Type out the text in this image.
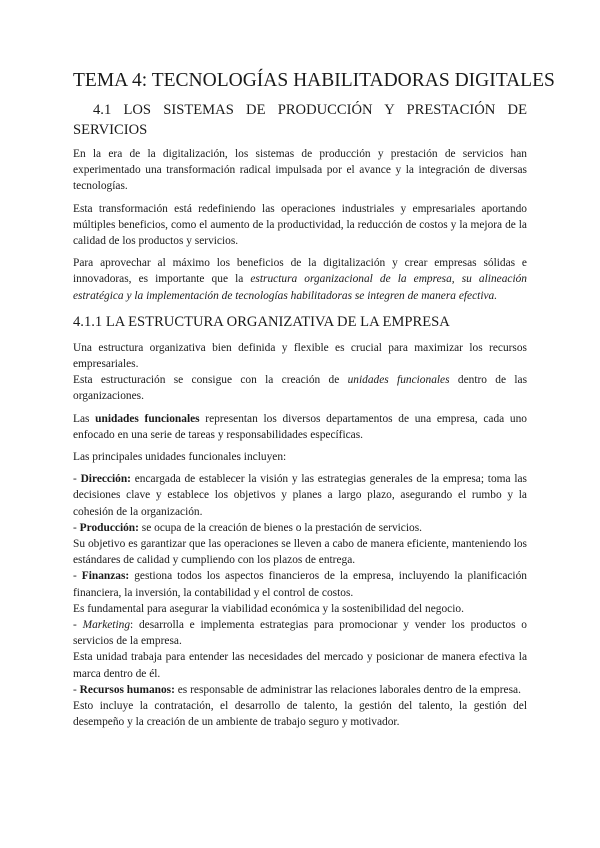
TEMA 4: TECNOLOGÍAS HABILITADORAS DIGITALES
4.1 LOS SISTEMAS DE PRODUCCIÓN Y PRESTACIÓN DE SERVICIOS

En la era de la digitalización, los sistemas de producción y prestación de servicios han experimentado una transformación radical impulsada por el avance y la integración de diversas tecnologías.

Esta transformación está redefiniendo las operaciones industriales y empresariales aportando múltiples beneficios, como el aumento de la productividad, la reducción de costos y la mejora de la calidad de los productos y servicios.

Para aprovechar al máximo los beneficios de la digitalización y crear empresas sólidas e innovadoras, es importante que la estructura organizacional de la empresa, su alineación estratégica y la implementación de tecnologías habilitadoras se integren de manera efectiva.

4.1.1 LA ESTRUCTURA ORGANIZATIVA DE LA EMPRESA

Una estructura organizativa bien definida y flexible es crucial para maximizar los recursos empresariales.

Esta estructuración se consigue con la creación de unidades funcionales dentro de las organizaciones.

Las unidades funcionales representan los diversos departamentos de una empresa, cada uno enfocado en una serie de tareas y responsabilidades específicas.

Las principales unidades funcionales incluyen:

- Dirección: encargada de establecer la visión y las estrategias generales de la empresa; toma las decisiones clave y establece los objetivos y planes a largo plazo, asegurando el rumbo y la cohesión de la organización.

- Producción: se ocupa de la creación de bienes o la prestación de servicios.

Su objetivo es garantizar que las operaciones se lleven a cabo de manera eficiente, manteniendo los estándares de calidad y cumpliendo con los plazos de entrega.

- Finanzas: gestiona todos los aspectos financieros de la empresa, incluyendo la planificación financiera, la inversión, la contabilidad y el control de costos.

Es fundamental para asegurar la viabilidad económica y la sostenibilidad del negocio.

- Marketing: desarrolla e implementa estrategias para promocionar y vender los productos o servicios de la empresa.

Esta unidad trabaja para entender las necesidades del mercado y posicionar de manera efectiva la marca dentro de él.

- Recursos humanos: es responsable de administrar las relaciones laborales dentro de la empresa.

Esto incluye la contratación, el desarrollo de talento, la gestión del talento, la gestión del desempeño y la creación de un ambiente de trabajo seguro y motivador.
